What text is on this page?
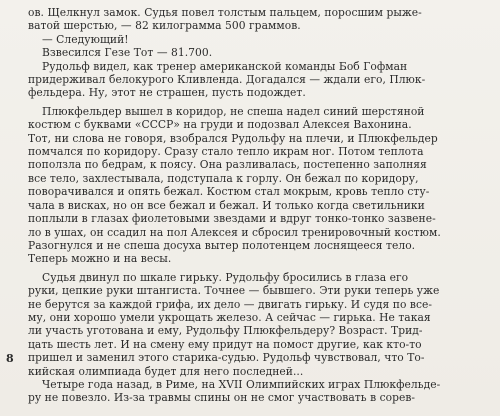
ов. Щелкнул замок. Судья повел толстым пальцем, поросшим рыже-
ватой шерстью, — 82 килограмма 500 граммов.
— Следующий!
Взвесился Гезе Тот — 81.700.
Рудольф видел, как тренер американской команды Боб Гофман
придерживал белокурого Кливленда. Догадался — ждали его, Плюк-
фельдера. Ну, этот не страшен, пусть подождет.
Плюкфельдер вышел в коридор, не спеша надел синий шерстяной
костюм с буквами «СССР» на груди и подозвал Алексея Вахонина.
Тот, ни слова не говоря, взобрался Рудольфу на плечи, и Плюкфельдер
помчался по коридору. Сразу стало тепло икрам ног. Потом теплота
поползла по бедрам, к поясу. Она разливалась, постепенно заполняя
все тело, захлестывала, подступала к горлу. Он бежал по коридору,
поворачивался и опять бежал. Костюм стал мокрым, кровь тепло сту-
чала в висках, но он все бежал и бежал. И только когда светильники
поплыли в глазах фиолетовыми звездами и вдруг тонко-тонко зазвене-
ло в ушах, он ссадил на пол Алексея и сбросил тренировочный костюм.
Разогнулся и не спеша досуха вытер полотенцем лоснящееся тело.
Теперь можно и на весы.
Судья двинул по шкале гирьку. Рудольфу бросились в глаза его
руки, цепкие руки штангиста. Точнее — бывшего. Эти руки теперь уже
не берутся за каждой грифа, их дело — двигать гирьку. И судя по все-
му, они хорошо умели укрощать железо. А сейчас — гирька. Не такая
ли участь уготована и ему, Рудольфу Плюкфельдеру? Возраст. Трид-
цать шесть лет. И на смену ему придут на помост другие, как кто-то
пришел и заменил этого старика-судью. Рудольф чувствовал, что То-
кийская олимпиада будет для него последней...
Четыре года назад, в Риме, на XVII Олимпийских играх Плюкфельде-
ру не повезло. Из-за травмы спины он не смог участвовать в сорев-
8
